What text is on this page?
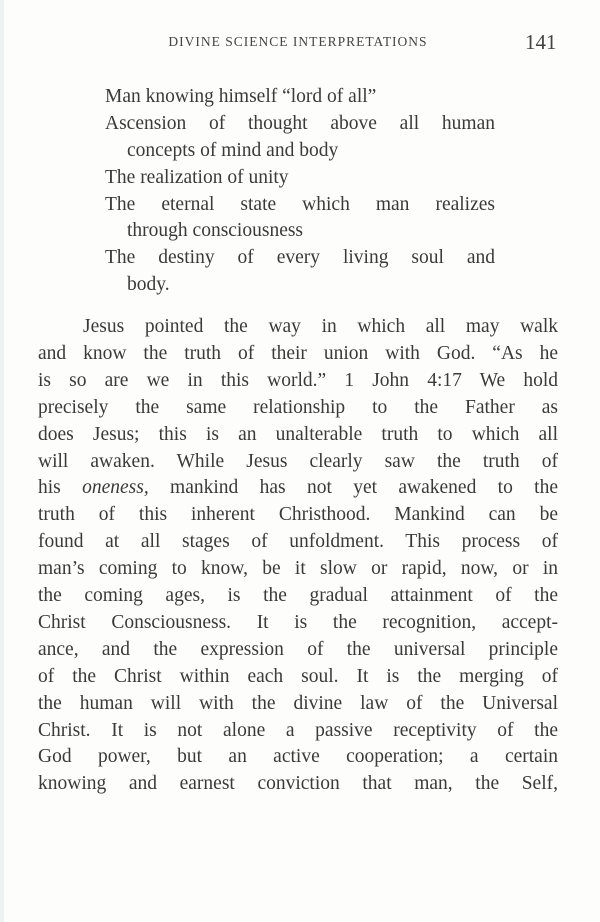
DIVINE SCIENCE INTERPRETATIONS	141
Man knowing himself “lord of all”
Ascension of thought above all human
concepts of mind and body
The realization of unity
The eternal state which man realizes
through consciousness
The destiny of every living soul and
body.
Jesus pointed the way in which all may walk
and know the truth of their union with God. “As he
is so are we in this world.” 1 John 4:17 We hold
precisely the same relationship to the Father as
does Jesus; this is an unalterable truth to which all
will awaken. While Jesus clearly saw the truth of
his oneness, mankind has not yet awakened to the
truth of this inherent Christhood. Mankind can be
found at all stages of unfoldment. This process of
man’s coming to know, be it slow or rapid, now, or in
the coming ages, is the gradual attainment of the
Christ Consciousness. It is the recognition, accept-
ance, and the expression of the universal principle
of the Christ within each soul. It is the merging of
the human will with the divine law of the Universal
Christ. It is not alone a passive receptivity of the
God power, but an active cooperation; a certain
knowing and earnest conviction that man, the Self,
